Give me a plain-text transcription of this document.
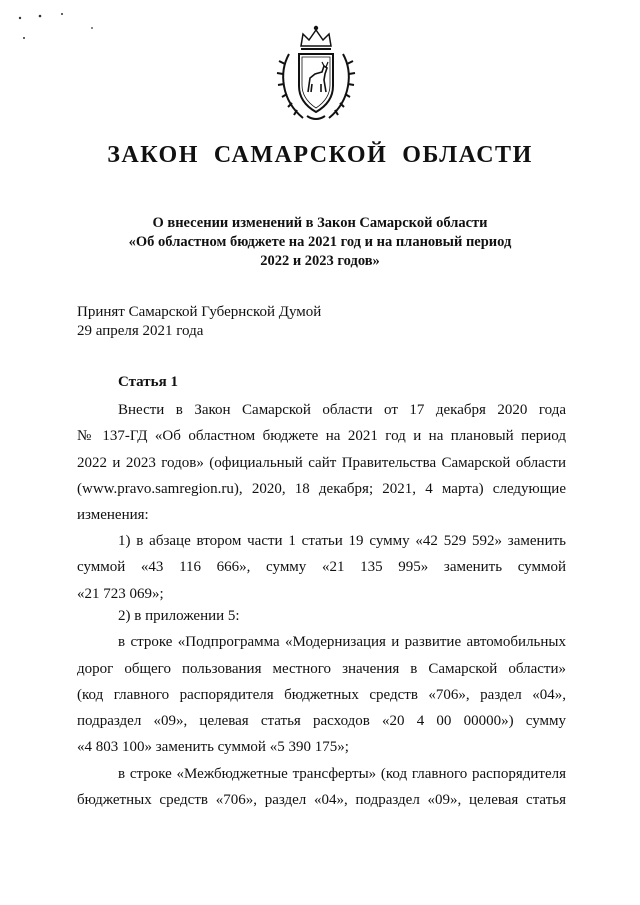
ЗАКОН  САМАРСКОЙ  ОБЛАСТИ
О внесении изменений в Закон Самарской области
«Об областном бюджете на 2021 год и на плановый период
2022 и 2023 годов»
Принят Самарской Губернской Думой
29 апреля 2021 года
Статья 1
Внести в Закон Самарской области от 17 декабря 2020 года
№ 137-ГД «Об областном бюджете на 2021 год и на плановый период
2022 и 2023 годов» (официальный сайт Правительства Самарской области
(www.pravo.samregion.ru), 2020, 18 декабря; 2021, 4 марта) следующие
изменения:
1) в абзаце втором части 1 статьи 19 сумму «42 529 592» заменить
суммой «43 116 666», сумму «21 135 995» заменить суммой
«21 723 069»;
2) в приложении 5:
в строке «Подпрограмма «Модернизация и развитие автомобильных
дорог общего пользования местного значения в Самарской области»
(код главного распорядителя бюджетных средств «706», раздел «04»,
подраздел «09», целевая статья расходов «20 4 00 00000») сумму
«4 803 100» заменить суммой «5 390 175»;
в строке «Межбюджетные трансферты» (код главного распорядителя
бюджетных средств «706», раздел «04», подраздел «09», целевая статья
